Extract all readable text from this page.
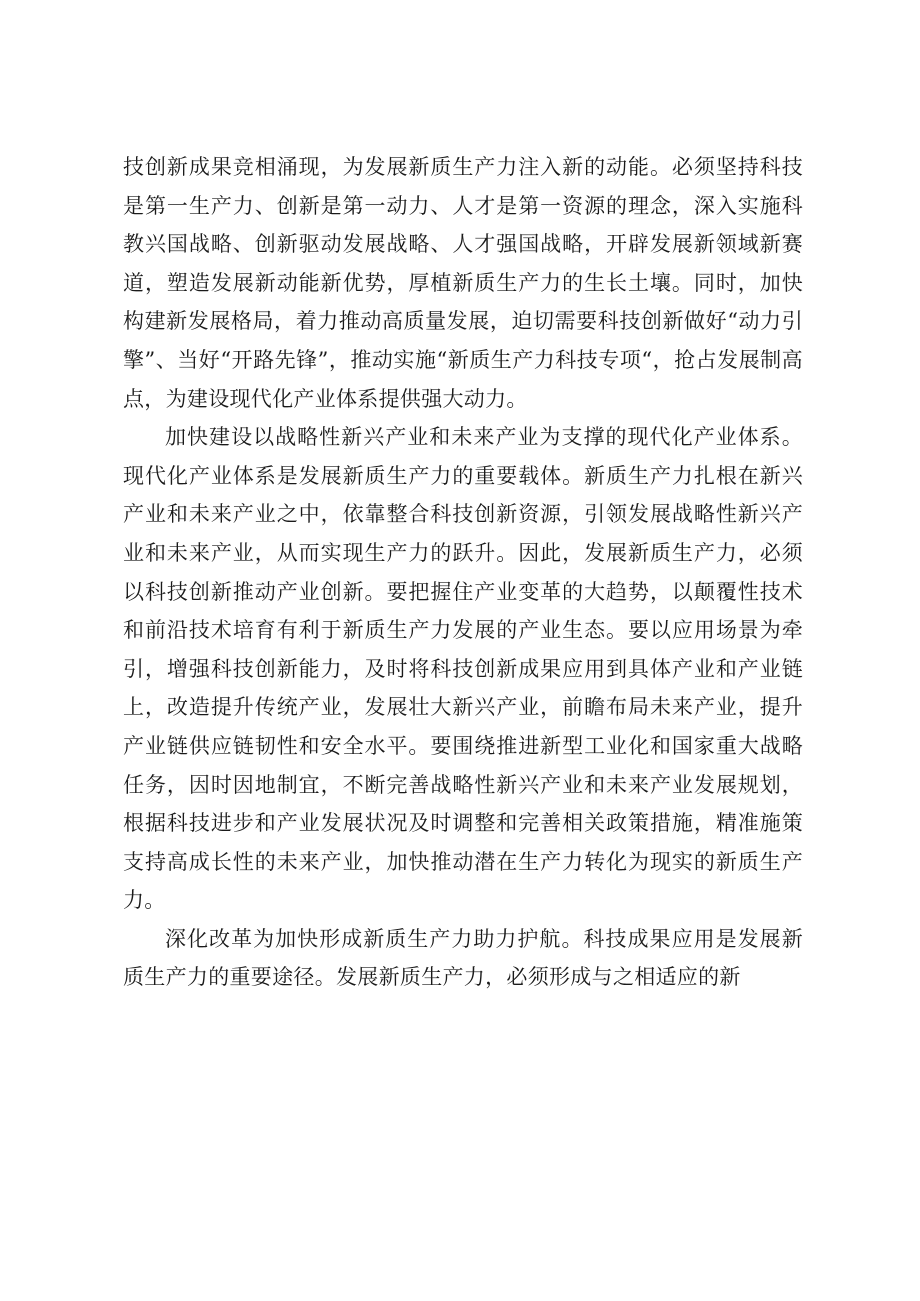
技创新成果竞相涌现，为发展新质生产力注入新的动能。必须坚持科技是第一生产力、创新是第一动力、人才是第一资源的理念，深入实施科教兴国战略、创新驱动发展战略、人才强国战略，开辟发展新领域新赛道，塑造发展新动能新优势，厚植新质生产力的生长土壤。同时，加快构建新发展格局，着力推动高质量发展，迫切需要科技创新做好“动力引擎”、当好“开路先锋”，推动实施“新质生产力科技专项“，抢占发展制高点，为建设现代化产业体系提供强大动力。

加快建设以战略性新兴产业和未来产业为支撑的现代化产业体系。现代化产业体系是发展新质生产力的重要载体。新质生产力扎根在新兴产业和未来产业之中，依靠整合科技创新资源，引领发展战略性新兴产业和未来产业，从而实现生产力的跃升。因此，发展新质生产力，必须以科技创新推动产业创新。要把握住产业变革的大趋势，以颠覆性技术和前沿技术培育有利于新质生产力发展的产业生态。要以应用场景为牵引，增强科技创新能力，及时将科技创新成果应用到具体产业和产业链上，改造提升传统产业，发展壮大新兴产业，前瞻布局未来产业，提升产业链供应链韧性和安全水平。要围绕推进新型工业化和国家重大战略任务，因时因地制宜，不断完善战略性新兴产业和未来产业发展规划，根据科技进步和产业发展状况及时调整和完善相关政策措施，精准施策支持高成长性的未来产业，加快推动潜在生产力转化为现实的新质生产力。

深化改革为加快形成新质生产力助力护航。科技成果应用是发展新质生产力的重要途径。发展新质生产力，必须形成与之相适应的新
